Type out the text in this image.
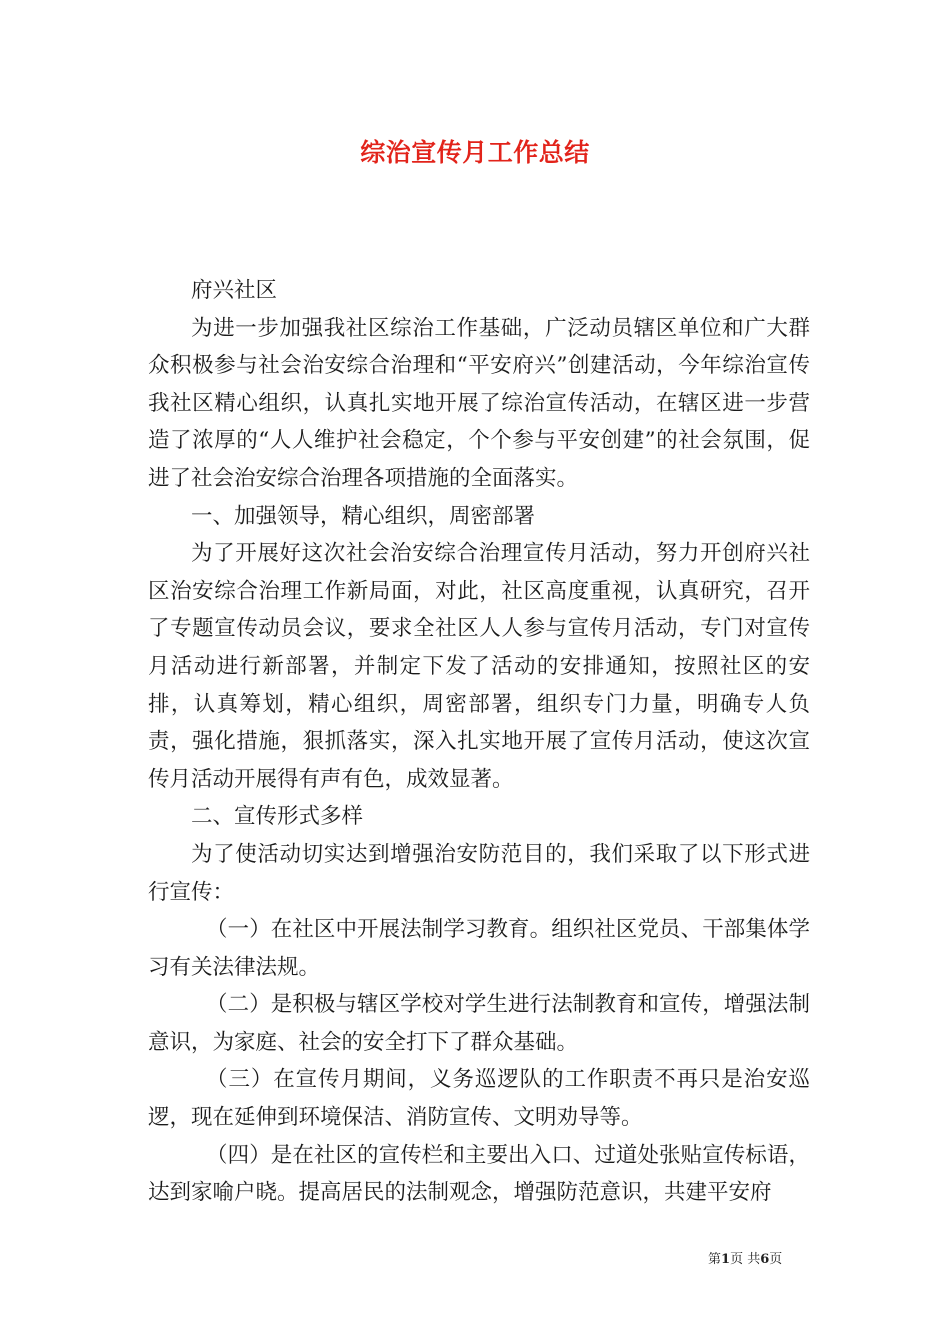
综治宣传月工作总结

府兴社区

为进一步加强我社区综治工作基础，广泛动员辖区单位和广大群众积极参与社会治安综合治理和“平安府兴”创建活动，今年综治宣传我社区精心组织，认真扎实地开展了综治宣传活动，在辖区进一步营造了浓厚的“人人维护社会稳定，个个参与平安创建”的社会氛围，促进了社会治安综合治理各项措施的全面落实。

一、加强领导，精心组织，周密部署

为了开展好这次社会治安综合治理宣传月活动，努力开创府兴社区治安综合治理工作新局面，对此，社区高度重视，认真研究，召开了专题宣传动员会议，要求全社区人人参与宣传月活动，专门对宣传月活动进行新部署，并制定下发了活动的安排通知，按照社区的安排，认真筹划，精心组织，周密部署，组织专门力量，明确专人负责，强化措施，狠抓落实，深入扎实地开展了宣传月活动，使这次宣传月活动开展得有声有色，成效显著。

二、宣传形式多样

为了使活动切实达到增强治安防范目的，我们采取了以下形式进行宣传：

（一）在社区中开展法制学习教育。组织社区党员、干部集体学习有关法律法规。

（二）是积极与辖区学校对学生进行法制教育和宣传，增强法制意识，为家庭、社会的安全打下了群众基础。

（三）在宣传月期间，义务巡逻队的工作职责不再只是治安巡逻，现在延伸到环境保洁、消防宣传、文明劝导等。

（四）是在社区的宣传栏和主要出入口、过道处张贴宣传标语，达到家喻户晓。提高居民的法制观念，增强防范意识，共建平安府

第1页 共6页
